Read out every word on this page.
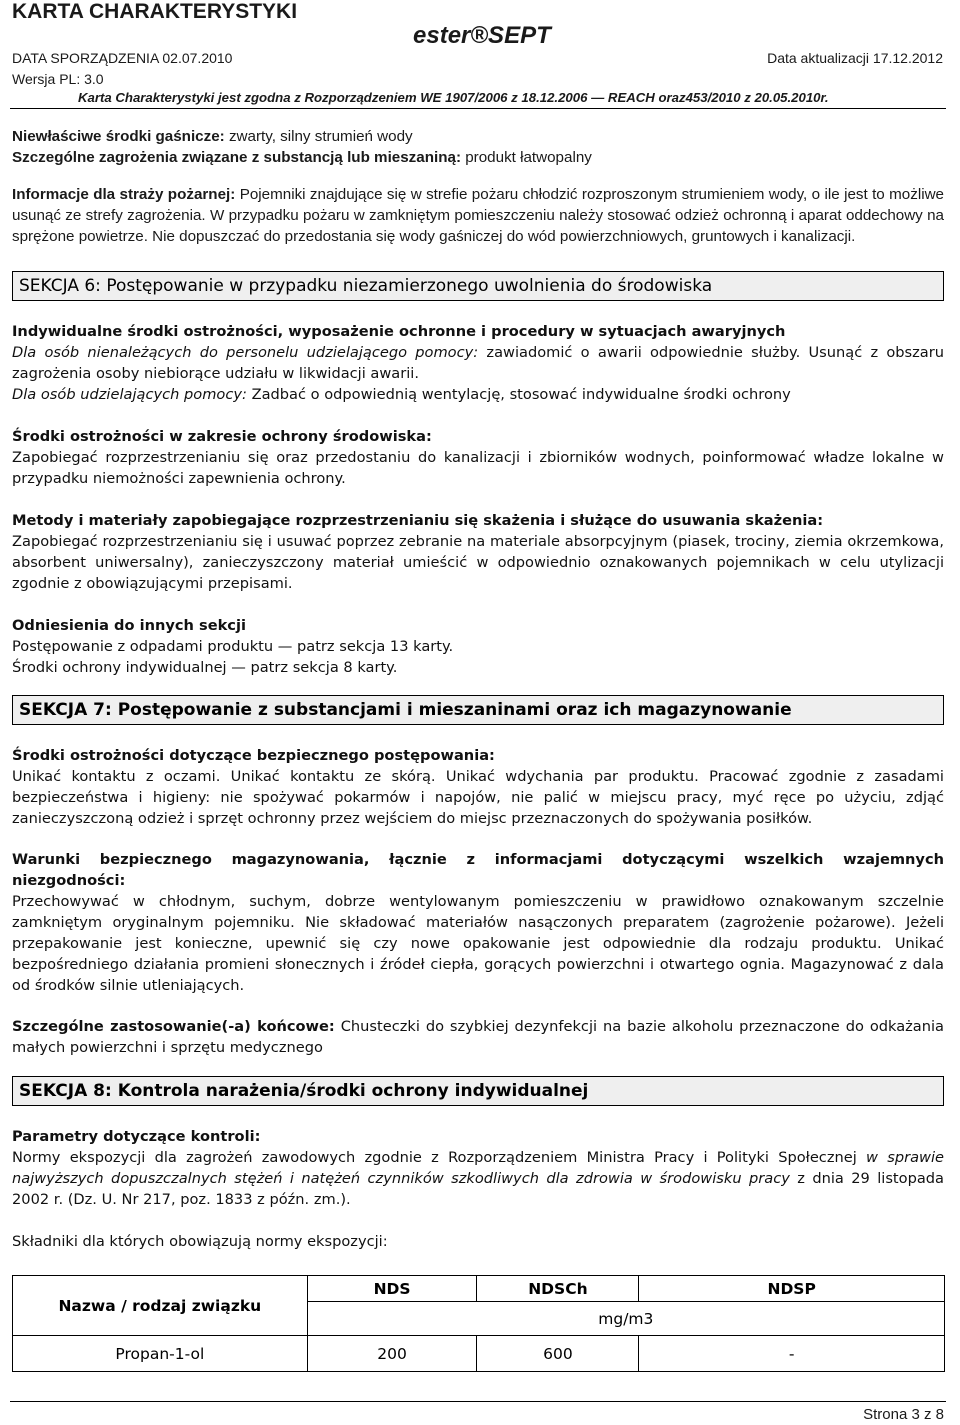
KARTA CHARAKTERYSTYKI
ester®SEPT
DATA SPORZĄDZENIA 02.07.2010	Data aktualizacji 17.12.2012
Wersja PL: 3.0
Karta Charakterystyki jest zgodna z Rozporządzeniem WE 1907/2006 z 18.12.2006 — REACH oraz453/2010 z 20.05.2010r.
Niewłaściwe środki gaśnicze: zwarty, silny strumień wody
Szczególne zagrożenia związane z substancją lub mieszaniną: produkt łatwopalny
Informacje dla straży pożarnej: Pojemniki znajdujące się w strefie pożaru chłodzić rozproszonym strumieniem wody, o ile jest to możliwe usunąć ze strefy zagrożenia. W przypadku pożaru w zamkniętym pomieszczeniu należy stosować odzież ochronną i aparat oddechowy na sprężone powietrze. Nie dopuszczać do przedostania się wody gaśniczej do wód powierzchniowych, gruntowych i kanalizacji.
SEKCJA 6: Postępowanie w przypadku niezamierzonego uwolnienia do środowiska
Indywidualne środki ostrożności, wyposażenie ochronne i procedury w sytuacjach awaryjnych
Dla osób nienależących do personelu udzielającego pomocy: zawiadomić o awarii odpowiednie służby. Usunąć z obszaru zagrożenia osoby niebiorące udziału w likwidacji awarii.
Dla osób udzielających pomocy: Zadbać o odpowiednią wentylację, stosować indywidualne środki ochrony
Środki ostrożności w zakresie ochrony środowiska:
Zapobiegać rozprzestrzenianiu się oraz przedostaniu do kanalizacji i zbiorników wodnych, poinformować władze lokalne w przypadku niemożności zapewnienia ochrony.
Metody i materiały zapobiegające rozprzestrzenianiu się skażenia i służące do usuwania skażenia:
Zapobiegać rozprzestrzenianiu się i usuwać poprzez zebranie na materiale absorpcyjnym (piasek, trociny, ziemia okrzemkowa, absorbent uniwersalny), zanieczyszczony materiał umieścić w odpowiednio oznakowanych pojemnikach w celu utylizacji zgodnie z obowiązującymi przepisami.
Odniesienia do innych sekcji
Postępowanie z odpadami produktu — patrz sekcja 13 karty.
Środki ochrony indywidualnej — patrz sekcja 8 karty.
SEKCJA 7: Postępowanie z substancjami i mieszaninami oraz ich magazynowanie
Środki ostrożności dotyczące bezpiecznego postępowania:
Unikać kontaktu z oczami. Unikać kontaktu ze skórą. Unikać wdychania par produktu. Pracować zgodnie z zasadami bezpieczeństwa i higieny: nie spożywać pokarmów i napojów, nie palić w miejscu pracy, myć ręce po użyciu, zdjąć zanieczyszczoną odzież i sprzęt ochronny przez wejściem do miejsc przeznaczonych do spożywania posiłków.
Warunki bezpiecznego magazynowania, łącznie z informacjami dotyczącymi wszelkich wzajemnych niezgodności:
Przechowywać w chłodnym, suchym, dobrze wentylowanym pomieszczeniu w prawidłowo oznakowanym szczelnie zamkniętym oryginalnym pojemniku. Nie składować materiałów nasączonych preparatem (zagrożenie pożarowe). Jeżeli przepakowanie jest konieczne, upewnić się czy nowe opakowanie jest odpowiednie dla rodzaju produktu. Unikać bezpośredniego działania promieni słonecznych i źródeł ciepła, gorących powierzchni i otwartego ognia. Magazynować z dala od środków silnie utleniających.
Szczególne zastosowanie(-a) końcowe: Chusteczki do szybkiej dezynfekcji na bazie alkoholu przeznaczone do odkażania małych powierzchni i sprzętu medycznego
SEKCJA 8: Kontrola narażenia/środki ochrony indywidualnej
Parametry dotyczące kontroli:
Normy ekspozycji dla zagrożeń zawodowych zgodnie z Rozporządzeniem Ministra Pracy i Polityki Społecznej w sprawie najwyższych dopuszczalnych stężeń i natężeń czynników szkodliwych dla zdrowia w środowisku pracy z dnia 29 listopada 2002 r. (Dz. U. Nr 217, poz. 1833 z późn. zm.).
Składniki dla których obowiązują normy ekspozycji:
Nazwa / rodzaj związku	NDS	NDSCh	NDSP
	mg/m3		
Propan-1-ol	200	600	-
Strona 3 z 8
